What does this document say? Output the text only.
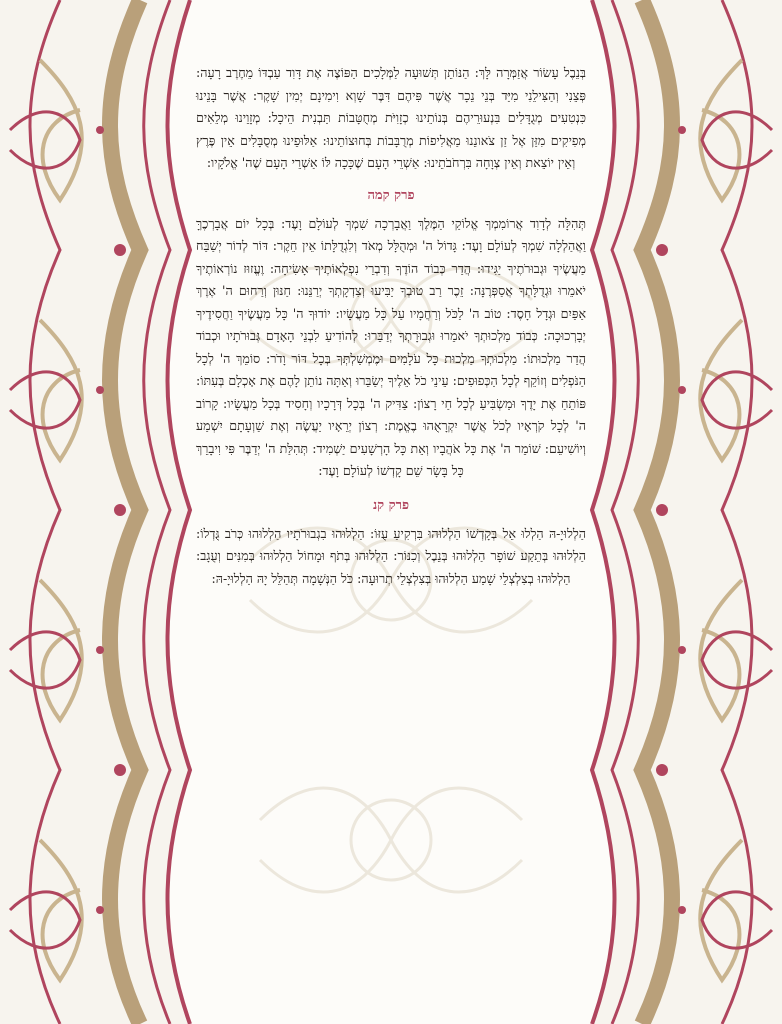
בְּנֵבֶל עָשׂוֹר אֲזַמְּרָה לָּךְ: הַנּוֹתֵן תְּשׁוּעָה לַמְּלָכִים הַפּוֹצֶה אֶת דָּוִד עַבְדּוֹ מֵחֶרֶב רָעָה: פְּצֵנִי וְהַצִּילֵנִי מִיַּד בְּנֵי נֵכָר אֲשֶׁר פִּיהֶם דִּבֶּר שָׁוְא וִימִינָם יְמִין שָׁקֶר: אֲשֶׁר בָּנֵינוּ כִּנְטִעִים מְגֻדָּלִים בִּנְעוּרֵיהֶם בְּנוֹתֵינוּ כְזָוִיֹּת מְחֻטָּבוֹת תַּבְנִית הֵיכָל: מְזָוֵינוּ מְלֵאִים מְפִיקִים מִזַּן אֶל זַן צֹאונֵנוּ מַאֲלִיפוֹת מְרֻבָּבוֹת בְּחוּצוֹתֵינוּ: אַלּוּפֵינוּ מְסֻבָּלִים אֵין פֶּרֶץ וְאֵין יוֹצֵאת וְאֵין צְוָחָה בִּרְחֹבֹתֵינוּ: אַשְׁרֵי הָעָם שֶׁכָּכָה לּוֹ אַשְׁרֵי הָעָם שֶׁה' אֱלֹקָיו:

פרק קמה

תְּהִלָּה לְדָוִד אֲרוֹמִמְךָ אֱלוֹקַי הַמֶּלֶךְ וַאֲבָרְכָה שִׁמְךָ לְעוֹלָם וָעֶד: בְּכָל יוֹם אֲבָרְכֶךָּ וַאֲהַלְלָה שִׁמְךָ לְעוֹלָם וָעֶד: גָּדוֹל ה' וּמְהֻלָּל מְאֹד וְלִגְדֻלָּתוֹ אֵין חֵקֶר: דּוֹר לְדוֹר יְשַׁבַּח מַעֲשֶׂיךָ וּגְבוּרֹתֶיךָ יַגִּידוּ: הֲדַר כְּבוֹד הוֹדֶךָ וְדִבְרֵי נִפְלְאוֹתֶיךָ אָשִׂיחָה: וֶעֱזוּז נוֹרְאוֹתֶיךָ יֹאמֵרוּ וּגְדֻלָּתְךָ אֲסַפְּרֶנָּה: זֵכֶר רַב טוּבְךָ יַבִּיעוּ וְצִדְקָתְךָ יְרַנֵּנוּ: חַנּוּן וְרַחוּם ה' אֶרֶךְ אַפַּיִם וּגְדָל חָסֶד: טוֹב ה' לַכֹּל וְרַחֲמָיו עַל כָּל מַעֲשָׂיו: יוֹדוּךָ ה' כָּל מַעֲשֶׂיךָ וַחֲסִידֶיךָ יְבָרְכוּכָה: כְּבוֹד מַלְכוּתְךָ יֹאמֵרוּ וּגְבוּרָתְךָ יְדַבֵּרוּ: לְהוֹדִיעַ לִבְנֵי הָאָדָם גְּבוּרֹתָיו וּכְבוֹד הֲדַר מַלְכוּתוֹ: מַלְכוּתְךָ מַלְכוּת כָּל עֹלָמִים וּמֶמְשַׁלְתְּךָ בְּכָל דּוֹר וָדֹר: סוֹמֵךְ ה' לְכָל הַנֹּפְלִים וְזוֹקֵף לְכָל הַכְּפוּפִים: עֵינֵי כֹל אֵלֶיךָ יְשַׂבֵּרוּ וְאַתָּה נוֹתֵן לָהֶם אֶת אָכְלָם בְּעִתּוֹ: פּוֹתֵחַ אֶת יָדֶךָ וּמַשְׂבִּיעַ לְכָל חַי רָצוֹן: צַדִּיק ה' בְּכָל דְּרָכָיו וְחָסִיד בְּכָל מַעֲשָׂיו: קָרוֹב ה' לְכָל קֹרְאָיו לְכֹל אֲשֶׁר יִקְרָאֻהוּ בֶאֱמֶת: רְצוֹן יְרֵאָיו יַעֲשֶׂה וְאֶת שַׁוְעָתָם יִשְׁמַע וְיוֹשִׁיעֵם: שׁוֹמֵר ה' אֶת כָּל אֹהֲבָיו וְאֵת כָּל הָרְשָׁעִים יַשְׁמִיד: תְּהִלַּת ה' יְדַבֶּר פִּי וִיבָרֵךְ כָּל בָּשָׂר שֵׁם קָדְשׁוֹ לְעוֹלָם וָעֶד:

פרק קנ

הַלְלוּיָ-הּ הַלְלוּ אֵל בְּקָדְשׁוֹ הַלְלוּהוּ בִּרְקִיעַ עֻזּוֹ: הַלְלוּהוּ בִגְבוּרֹתָיו הַלְלוּהוּ כְּרֹב גֻּדְלוֹ: הַלְלוּהוּ בְּתֵקַע שׁוֹפָר הַלְלוּהוּ בְּנֵבֶל וְכִנּוֹר: הַלְלוּהוּ בְּתֹף וּמָחוֹל הַלְלוּהוּ בְּמִנִּים וְעֻגָב: הַלְלוּהוּ בְצִלְצְלֵי שָׁמַע הַלְלוּהוּ בְּצִלְצְלֵי תְרוּעָה: כֹּל הַנְּשָׁמָה תְּהַלֵּל יָהּ הַלְלוּיָ-הּ:
